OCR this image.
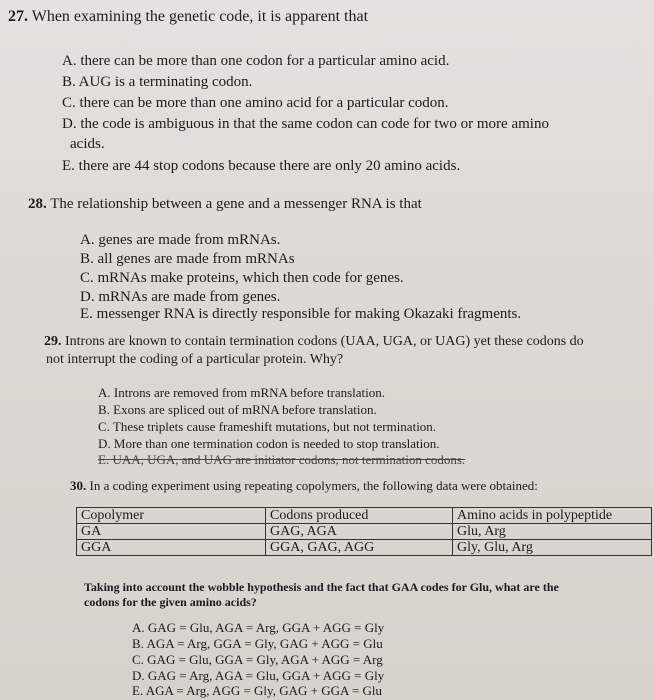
27. When examining the genetic code, it is apparent that

A. there can be more than one codon for a particular amino acid.

B. AUG is a terminating codon.

C. there can be more than one amino acid for a particular codon.

D. the code is ambiguous in that the same codon can code for two or more amino

acids.

E. there are 44 stop codons because there are only 20 amino acids.

28. The relationship between a gene and a messenger RNA is that

A. genes are made from mRNAs.

B. all genes are made from mRNAs

C. mRNAs make proteins, which then code for genes.

D. mRNAs are made from genes.

E. messenger RNA is directly responsible for making Okazaki fragments.

29. Introns are known to contain termination codons (UAA, UGA, or UAG) yet these codons do

not interrupt the coding of a particular protein. Why?

A. Introns are removed from mRNA before translation.

B. Exons are spliced out of mRNA before translation.

C. These triplets cause frameshift mutations, but not termination.

D. More than one termination codon is needed to stop translation.

E. UAA, UGA, and UAG are initiator codons, not termination codons.

30. In a coding experiment using repeating copolymers, the following data were obtained:

Copolymer	Codons produced	Amino acids in polypeptide
GA	GAG, AGA	Glu, Arg
GGA	GGA, GAG, AGG	Gly, Glu, Arg

Taking into account the wobble hypothesis and the fact that GAA codes for Glu, what are the

codons for the given amino acids?

A. GAG = Glu, AGA = Arg, GGA + AGG = Gly

B. AGA = Arg, GGA = Gly, GAG + AGG = Glu

C. GAG = Glu, GGA = Gly, AGA + AGG = Arg

D. GAG = Arg, AGA = Glu, GGA + AGG = Gly

E. AGA = Arg, AGG = Gly, GAG + GGA = Glu
